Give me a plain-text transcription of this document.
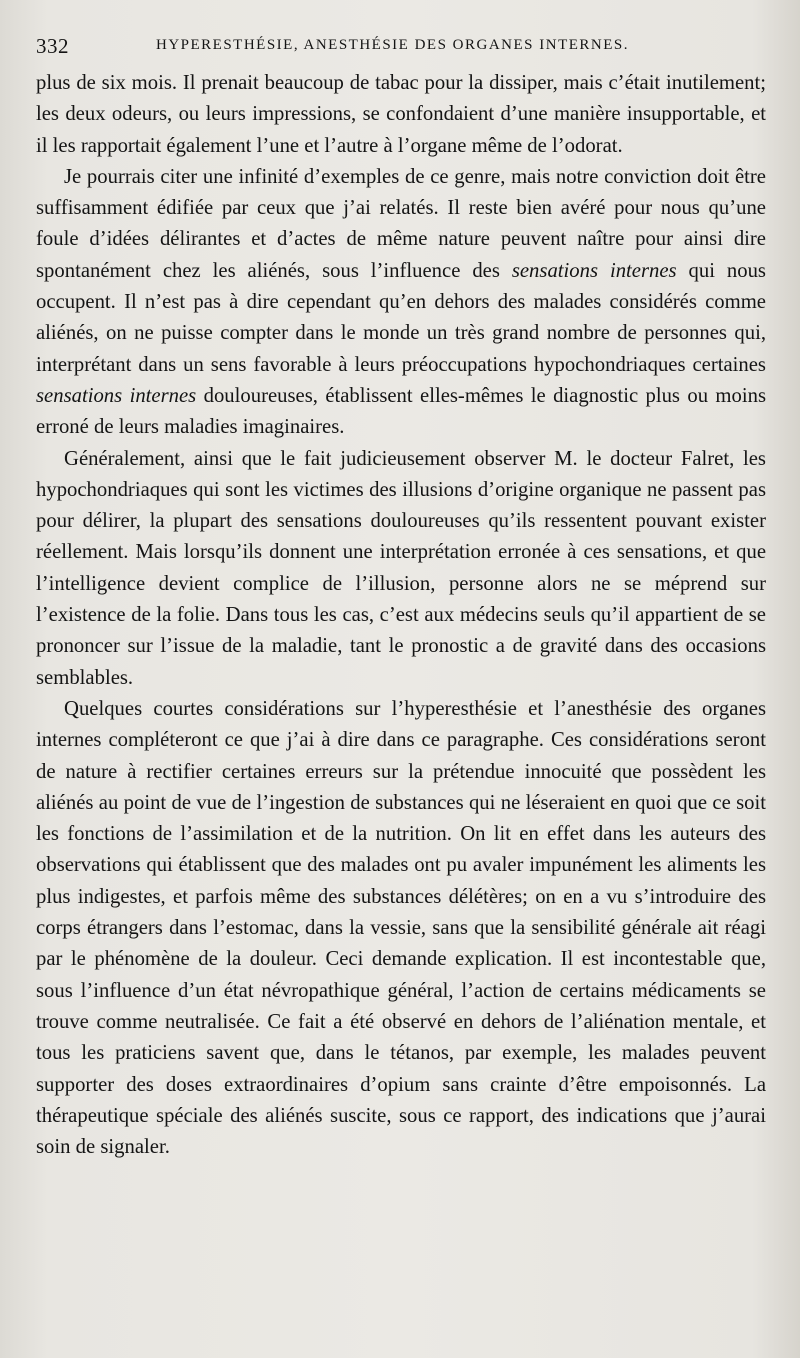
332	HYPERESTHÉSIE, ANESTHÉSIE DES ORGANES INTERNES.

plus de six mois. Il prenait beaucoup de tabac pour la dissiper, mais c’était inutilement; les deux odeurs, ou leurs impressions, se confondaient d’une manière insupportable, et il les rapportait également l’une et l’autre à l’organe même de l’odorat.

Je pourrais citer une infinité d’exemples de ce genre, mais notre conviction doit être suffisamment édifiée par ceux que j’ai relatés. Il reste bien avéré pour nous qu’une foule d’idées délirantes et d’actes de même nature peuvent naître pour ainsi dire spontanément chez les aliénés, sous l’influence des sensations internes qui nous occupent. Il n’est pas à dire cependant qu’en dehors des malades considérés comme aliénés, on ne puisse compter dans le monde un très grand nombre de personnes qui, interprétant dans un sens favorable à leurs préoccupations hypochondriaques certaines sensations internes douloureuses, établissent elles-mêmes le diagnostic plus ou moins erroné de leurs maladies imaginaires.

Généralement, ainsi que le fait judicieusement observer M. le docteur Falret, les hypochondriaques qui sont les victimes des illusions d’origine organique ne passent pas pour délirer, la plupart des sensations douloureuses qu’ils ressentent pouvant exister réellement. Mais lorsqu’ils donnent une interprétation erronée à ces sensations, et que l’intelligence devient complice de l’illusion, personne alors ne se méprend sur l’existence de la folie. Dans tous les cas, c’est aux médecins seuls qu’il appartient de se prononcer sur l’issue de la maladie, tant le pronostic a de gravité dans des occasions semblables.

Quelques courtes considérations sur l’hyperesthésie et l’anesthésie des organes internes compléteront ce que j’ai à dire dans ce paragraphe. Ces considérations seront de nature à rectifier certaines erreurs sur la prétendue innocuité que possèdent les aliénés au point de vue de l’ingestion de substances qui ne léseraient en quoi que ce soit les fonctions de l’assimilation et de la nutrition. On lit en effet dans les auteurs des observations qui établissent que des malades ont pu avaler impunément les aliments les plus indigestes, et parfois même des substances délétères; on en a vu s’introduire des corps étrangers dans l’estomac, dans la vessie, sans que la sensibilité générale ait réagi par le phénomène de la douleur. Ceci demande explication. Il est incontestable que, sous l’influence d’un état névropathique général, l’action de certains médicaments se trouve comme neutralisée. Ce fait a été observé en dehors de l’aliénation mentale, et tous les praticiens savent que, dans le tétanos, par exemple, les malades peuvent supporter des doses extraordinaires d’opium sans crainte d’être empoisonnés. La thérapeutique spéciale des aliénés suscite, sous ce rapport, des indications que j’aurai soin de signaler.
